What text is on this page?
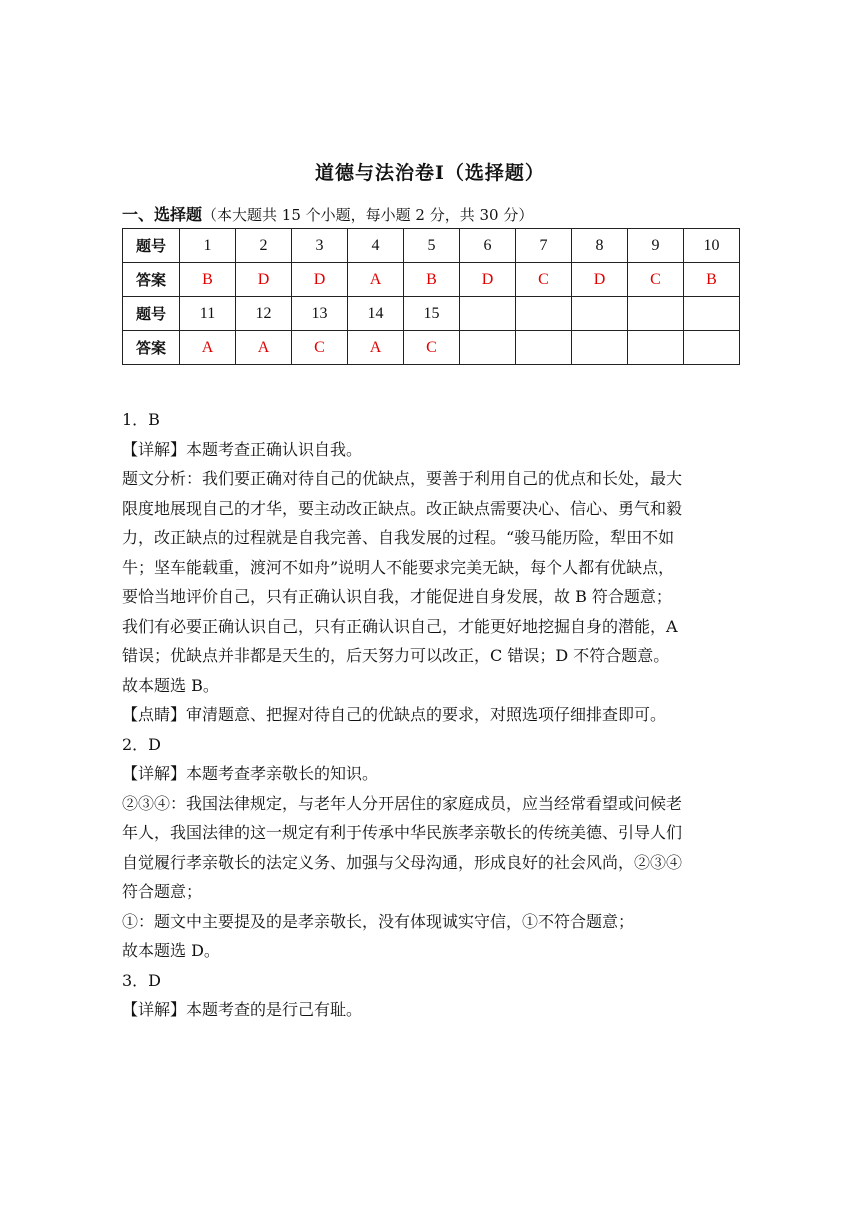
道德与法治卷Ⅰ（选择题）
一、选择题（本大题共 15 个小题，每小题 2 分，共 30 分）
题号	1	2	3	4	5	6	7	8	9	10
答案	B	D	D	A	B	D	C	D	C	B
题号	11	12	13	14	15					
答案	A	A	C	A	C					
1．B
【详解】本题考查正确认识自我。
题文分析：我们要正确对待自己的优缺点，要善于利用自己的优点和长处，最大
限度地展现自己的才华，要主动改正缺点。改正缺点需要决心、信心、勇气和毅
力，改正缺点的过程就是自我完善、自我发展的过程。“骏马能历险，犁田不如
牛；坚车能载重，渡河不如舟”说明人不能要求完美无缺，每个人都有优缺点，
要恰当地评价自己，只有正确认识自我，才能促进自身发展，故 B 符合题意；
我们有必要正确认识自己，只有正确认识自己，才能更好地挖掘自身的潜能，A
错误；优缺点并非都是天生的，后天努力可以改正，C 错误；D 不符合题意。
故本题选 B。
【点睛】审清题意、把握对待自己的优缺点的要求，对照选项仔细排查即可。
2．D
【详解】本题考查孝亲敬长的知识。
②③④：我国法律规定，与老年人分开居住的家庭成员，应当经常看望或问候老
年人，我国法律的这一规定有利于传承中华民族孝亲敬长的传统美德、引导人们
自觉履行孝亲敬长的法定义务、加强与父母沟通，形成良好的社会风尚，②③④
符合题意；
①：题文中主要提及的是孝亲敬长，没有体现诚实守信，①不符合题意；
故本题选 D。
3．D
【详解】本题考查的是行己有耻。
